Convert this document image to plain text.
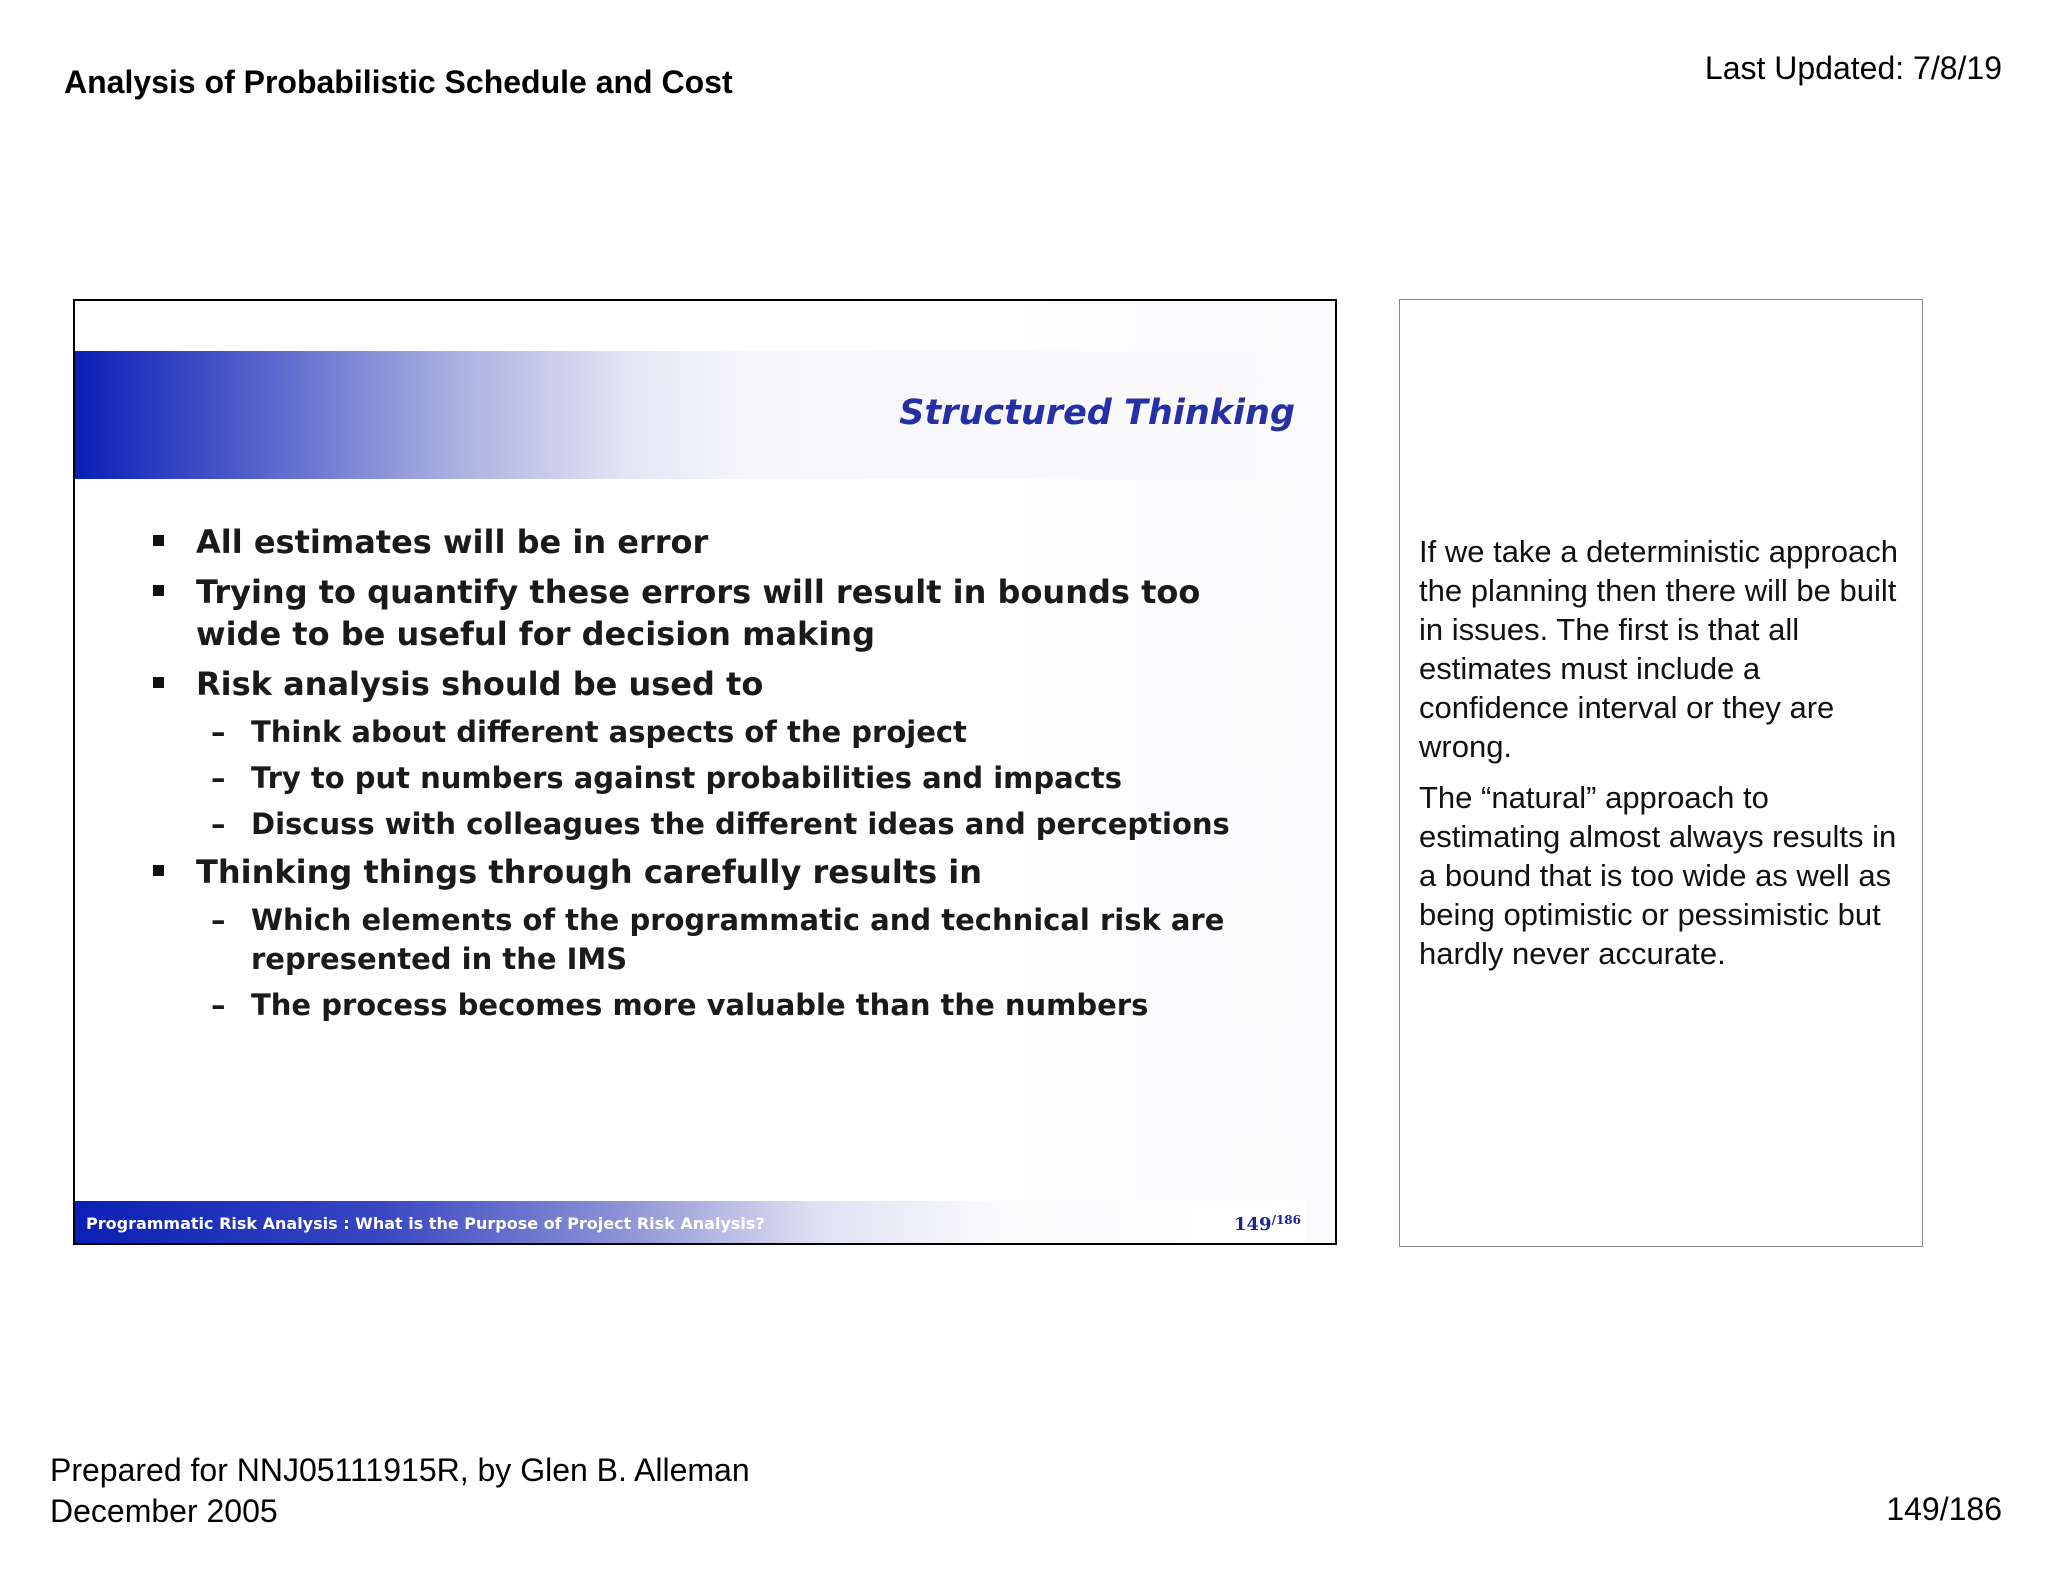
Analysis of Probabilistic Schedule and Cost	Last Updated: 7/8/19
Structured Thinking
All estimates will be in error
Trying to quantify these errors will result in bounds too wide to be useful for decision making
Risk analysis should be used to
– Think about different aspects of the project
– Try to put numbers against probabilities and impacts
– Discuss with colleagues the different ideas and perceptions
Thinking things through carefully results in
– Which elements of the programmatic and technical risk are represented in the IMS
– The process becomes more valuable than the numbers
Programmatic Risk Analysis : What is the Purpose of Project Risk Analysis?	$149^{/186}$

If we take a deterministic approach the planning then there will be built in issues. The first is that all estimates must include a confidence interval or they are wrong.

The “natural” approach to estimating almost always results in a bound that is too wide as well as being optimistic or pessimistic but hardly never accurate.

Prepared for NNJ05111915R, by Glen B. Alleman
December 2005	149/186
